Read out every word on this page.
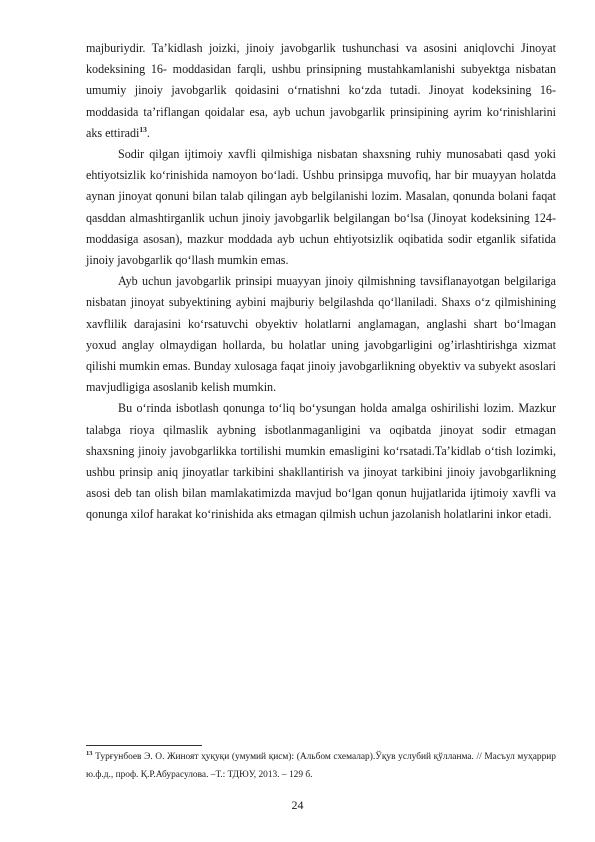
majburiydir. Ta’kidlash joizki, jinoiy javobgarlik tushunchasi va asosini aniqlovchi Jinoyat kodeksining 16- moddasidan farqli, ushbu prinsipning mustahkamlanishi subyektga nisbatan umumiy jinoiy javobgarlik qoidasini o‘rnatishni ko‘zda tutadi. Jinoyat kodeksining 16-moddasida ta’riflangan qoidalar esa, ayb uchun javobgarlik prinsipining ayrim ko‘rinishlarini aks ettiradi$^{13}$.

Sodir qilgan ijtimoiy xavfli qilmishiga nisbatan shaxsning ruhiy munosabati qasd yoki ehtiyotsizlik ko‘rinishida namoyon bo‘ladi. Ushbu prinsipga muvofiq, har bir muayyan holatda aynan jinoyat qonuni bilan talab qilingan ayb belgilanishi lozim. Masalan, qonunda bolani faqat qasddan almashtirganlik uchun jinoiy javobgarlik belgilangan bo‘lsa (Jinoyat kodeksining 124-moddasiga asosan), mazkur moddada ayb uchun ehtiyotsizlik oqibatida sodir etganlik sifatida jinoiy javobgarlik qo‘llash mumkin emas.

Ayb uchun javobgarlik prinsipi muayyan jinoiy qilmishning tavsiflanayotgan belgilariga nisbatan jinoyat subyektining aybini majburiy belgilashda qo‘llaniladi. Shaxs o‘z qilmishining xavflilik darajasini ko‘rsatuvchi obyektiv holatlarni anglamagan, anglashi shart bo‘lmagan yoxud anglay olmaydigan hollarda, bu holatlar uning javobgarligini og’irlashtirishga xizmat qilishi mumkin emas. Bunday xulosaga faqat jinoiy javobgarlikning obyektiv va subyekt asoslari mavjudligiga asoslanib kelish mumkin.

Bu o‘rinda isbotlash qonunga to‘liq bo‘ysungan holda amalga oshirilishi lozim. Mazkur talabga rioya qilmaslik aybning isbotlanmaganligini va oqibatda jinoyat sodir etmagan shaxsning jinoiy javobgarlikka tortilishi mumkin emasligini ko‘rsatadi.Ta’kidlab o‘tish lozimki, ushbu prinsip aniq jinoyatlar tarkibini shakllantirish va jinoyat tarkibini jinoiy javobgarlikning asosi deb tan olish bilan mamlakatimizda mavjud bo‘lgan qonun hujjatlarida ijtimoiy xavfli va qonunga xilof harakat ko‘rinishida aks etmagan qilmish uchun jazolanish holatlarini inkor etadi.

$^{13}$ Турғунбоев Э. О. Жиноят ҳуқуқи (умумий қисм): (Альбом схемалар).Ўқув услубий қўлланма. // Масъул муҳаррир ю.ф.д., проф. Қ.Р.Абурасулова. –Т.: ТДЮУ, 2013. – 129 б.

24
